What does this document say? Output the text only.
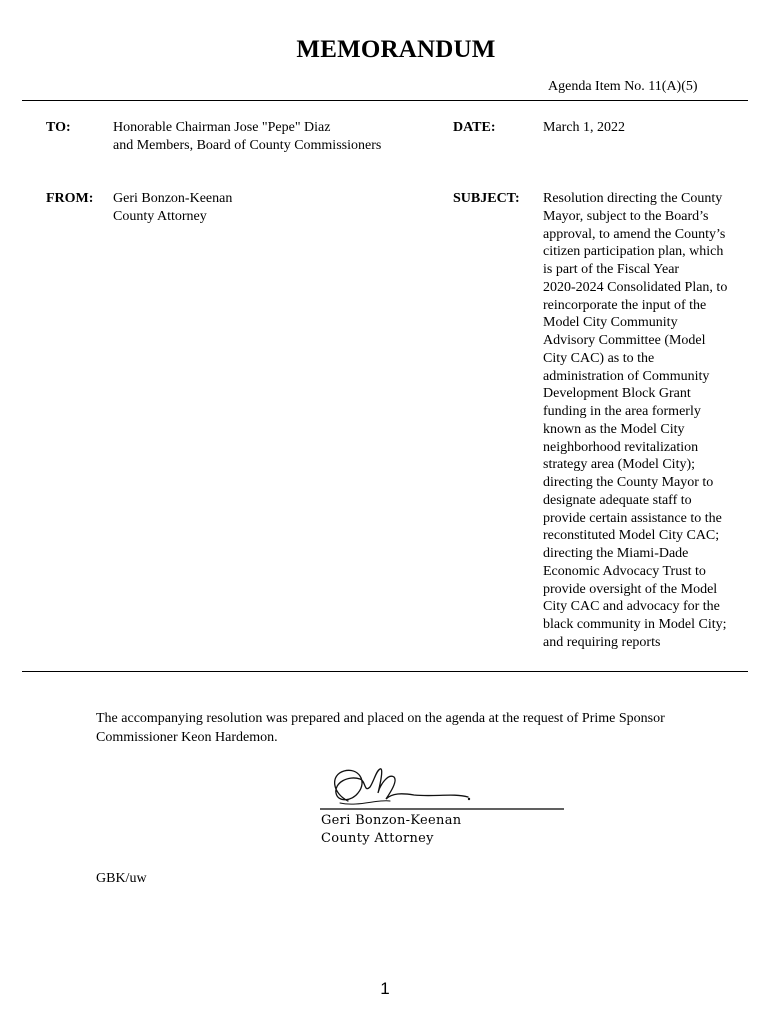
MEMORANDUM
Agenda Item No. 11(A)(5)
TO:	Honorable Chairman Jose "Pepe" Diaz
and Members, Board of County Commissioners
DATE:	March 1, 2022
FROM: Geri Bonzon-Keenan
County Attorney
SUBJECT: Resolution directing the County
Mayor, subject to the Board’s
approval, to amend the County’s
citizen participation plan, which
is part of the Fiscal Year
2020-2024 Consolidated Plan, to
reincorporate the input of the
Model City Community
Advisory Committee (Model
City CAC) as to the
administration of Community
Development Block Grant
funding in the area formerly
known as the Model City
neighborhood revitalization
strategy area (Model City);
directing the County Mayor to
designate adequate staff to
provide certain assistance to the
reconstituted Model City CAC;
directing the Miami-Dade
Economic Advocacy Trust to
provide oversight of the Model
City CAC and advocacy for the
black community in Model City;
and requiring reports
The accompanying resolution was prepared and placed on the agenda at the request of Prime Sponsor
Commissioner Keon Hardemon.
Geri Bonzon-Keenan
County Attorney
GBK/uw
1
